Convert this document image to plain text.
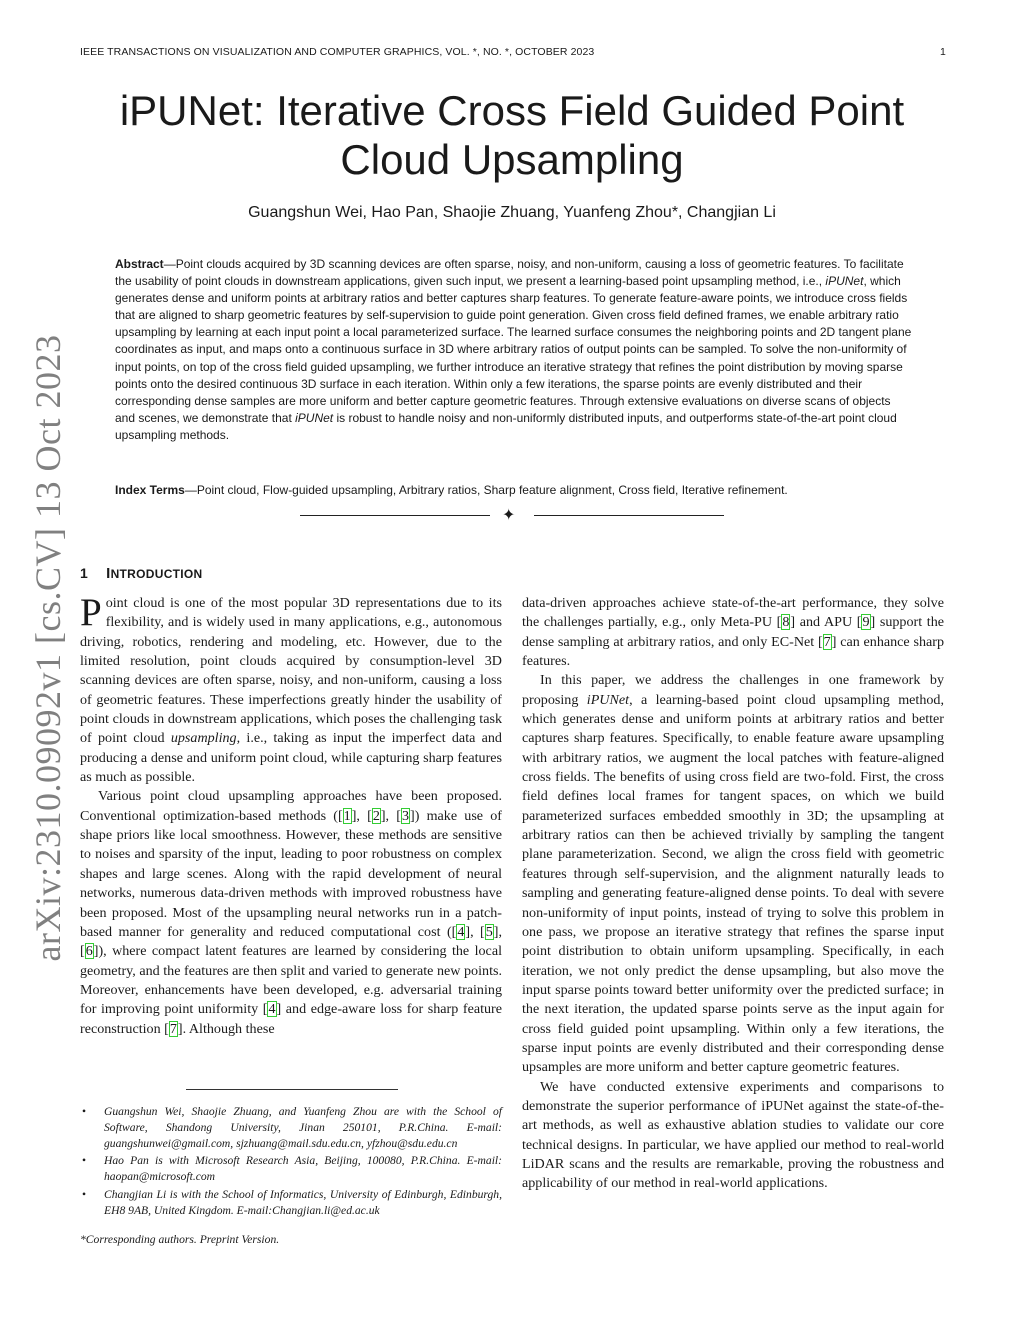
IEEE TRANSACTIONS ON VISUALIZATION AND COMPUTER GRAPHICS, VOL. *, NO. *, OCTOBER 2023	1
arXiv:2310.09092v1 [cs.CV] 13 Oct 2023
iPUNet: Iterative Cross Field Guided Point Cloud Upsampling
Guangshun Wei, Hao Pan, Shaojie Zhuang, Yuanfeng Zhou*, Changjian Li

Abstract—Point clouds acquired by 3D scanning devices are often sparse, noisy, and non-uniform, causing a loss of geometric features. To facilitate the usability of point clouds in downstream applications, given such input, we present a learning-based point upsampling method, i.e., iPUNet, which generates dense and uniform points at arbitrary ratios and better captures sharp features. To generate feature-aware points, we introduce cross fields that are aligned to sharp geometric features by self-supervision to guide point generation. Given cross field defined frames, we enable arbitrary ratio upsampling by learning at each input point a local parameterized surface. The learned surface consumes the neighboring points and 2D tangent plane coordinates as input, and maps onto a continuous surface in 3D where arbitrary ratios of output points can be sampled. To solve the non-uniformity of input points, on top of the cross field guided upsampling, we further introduce an iterative strategy that refines the point distribution by moving sparse points onto the desired continuous 3D surface in each iteration. Within only a few iterations, the sparse points are evenly distributed and their corresponding dense samples are more uniform and better capture geometric features. Through extensive evaluations on diverse scans of objects and scenes, we demonstrate that iPUNet is robust to handle noisy and non-uniformly distributed inputs, and outperforms state-of-the-art point cloud upsampling methods.

Index Terms—Point cloud, Flow-guided upsampling, Arbitrary ratios, Sharp feature alignment, Cross field, Iterative refinement.

✦
1 INTRODUCTION

Point cloud is one of the most popular 3D representations due to its flexibility, and is widely used in many applications, e.g., autonomous driving, robotics, rendering and modeling, etc. However, due to the limited resolution, point clouds acquired by consumption-level 3D scanning devices are often sparse, noisy, and non-uniform, causing a loss of geometric features. These imperfections greatly hinder the usability of point clouds in downstream applications, which poses the challenging task of point cloud upsampling, i.e., taking as input the imperfect data and producing a dense and uniform point cloud, while capturing sharp features as much as possible.

Various point cloud upsampling approaches have been proposed. Conventional optimization-based methods ([1], [2], [3]) make use of shape priors like local smoothness. However, these methods are sensitive to noises and sparsity of the input, leading to poor robustness on complex shapes and large scenes. Along with the rapid development of neural networks, numerous data-driven methods with improved robustness have been proposed. Most of the upsampling neural networks run in a patch-based manner for generality and reduced computational cost ([4], [5], [6]), where compact latent features are learned by considering the local geometry, and the features are then split and varied to generate new points. Moreover, enhancements have been developed, e.g. adversarial training for improving point uniformity [4] and edge-aware loss for sharp feature reconstruction [7]. Although these

• Guangshun Wei, Shaojie Zhuang, and Yuanfeng Zhou are with the School of Software, Shandong University, Jinan 250101, P.R.China. E-mail: guangshunwei@gmail.com, sjzhuang@mail.sdu.edu.cn, yfzhou@sdu.edu.cn
• Hao Pan is with Microsoft Research Asia, Beijing, 100080, P.R.China. E-mail: haopan@microsoft.com
• Changjian Li is with the School of Informatics, University of Edinburgh, Edinburgh, EH8 9AB, United Kingdom. E-mail:Changjian.li@ed.ac.uk
*Corresponding authors. Preprint Version.

data-driven approaches achieve state-of-the-art performance, they solve the challenges partially, e.g., only Meta-PU [8] and APU [9] support the dense sampling at arbitrary ratios, and only EC-Net [7] can enhance sharp features.

In this paper, we address the challenges in one framework by proposing iPUNet, a learning-based point cloud upsampling method, which generates dense and uniform points at arbitrary ratios and better captures sharp features. Specifically, to enable feature aware upsampling with arbitrary ratios, we augment the local patches with feature-aligned cross fields. The benefits of using cross field are two-fold. First, the cross field defines local frames for tangent spaces, on which we build parameterized surfaces embedded smoothly in 3D; the upsampling at arbitrary ratios can then be achieved trivially by sampling the tangent plane parameterization. Second, we align the cross field with geometric features through self-supervision, and the alignment naturally leads to sampling and generating feature-aligned dense points. To deal with severe non-uniformity of input points, instead of trying to solve this problem in one pass, we propose an iterative strategy that refines the sparse input point distribution to obtain uniform upsampling. Specifically, in each iteration, we not only predict the dense upsampling, but also move the input sparse points toward better uniformity over the predicted surface; in the next iteration, the updated sparse points serve as the input again for cross field guided point upsampling. Within only a few iterations, the sparse input points are evenly distributed and their corresponding dense upsamples are more uniform and better capture geometric features.

We have conducted extensive experiments and comparisons to demonstrate the superior performance of iPUNet against the state-of-the-art methods, as well as exhaustive ablation studies to validate our core technical designs. In particular, we have applied our method to real-world LiDAR scans and the results are remarkable, proving the robustness and applicability of our method in real-world applications.
